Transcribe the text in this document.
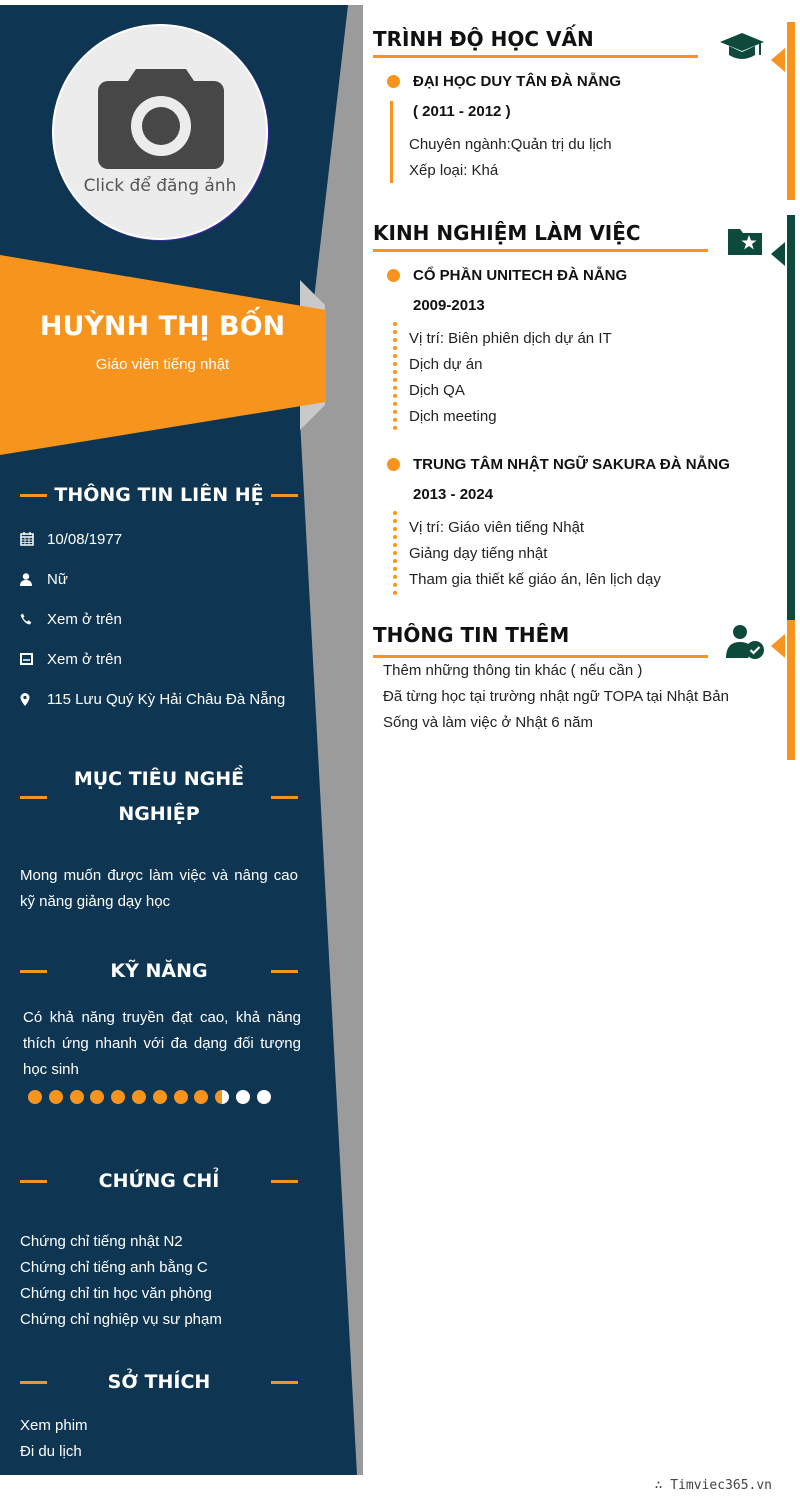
Click để đăng ảnh
HUỲNH THỊ BỐN
Giáo viên tiếng nhật
THÔNG TIN LIÊN HỆ
10/08/1977
Nữ
Xem ở trên
Xem ở trên
115 Lưu Quý Kỳ Hải Châu Đà Nẵng
MỤC TIÊU NGHỀ
NGHIỆP
Mong muốn được làm việc và nâng cao kỹ năng giảng dạy học
KỸ NĂNG
Có khả năng truyền đạt cao, khả năng thích ứng nhanh với đa dạng đối tượng học sinh
CHỨNG CHỈ
Chứng chỉ tiếng nhật N2
Chứng chỉ tiếng anh bằng C
Chứng chỉ tin học văn phòng
Chứng chỉ nghiệp vụ sư phạm
SỞ THÍCH
Xem phim
Đi du lịch
TRÌNH ĐỘ HỌC VẤN
ĐẠI HỌC DUY TÂN ĐÀ NẴNG
( 2011 - 2012 )
Chuyên ngành:Quản trị du lịch
Xếp loại: Khá
KINH NGHIỆM LÀM VIỆC
CỔ PHẦN UNITECH ĐÀ NẴNG
2009-2013
Vị trí: Biên phiên dịch dự án IT
Dịch dự án
Dịch QA
Dịch meeting
TRUNG TÂM NHẬT NGỮ SAKURA ĐÀ NẴNG
2013 - 2024
Vị trí: Giáo viên tiếng Nhật
Giảng dạy tiếng nhật
Tham gia thiết kế giáo án, lên lịch dạy
THÔNG TIN THÊM
Thêm những thông tin khác ( nếu cần )
Đã từng học tại trường nhật ngữ TOPA tại Nhật Bản
Sống và làm việc ở Nhật 6 năm
∴ Timviec365.vn
